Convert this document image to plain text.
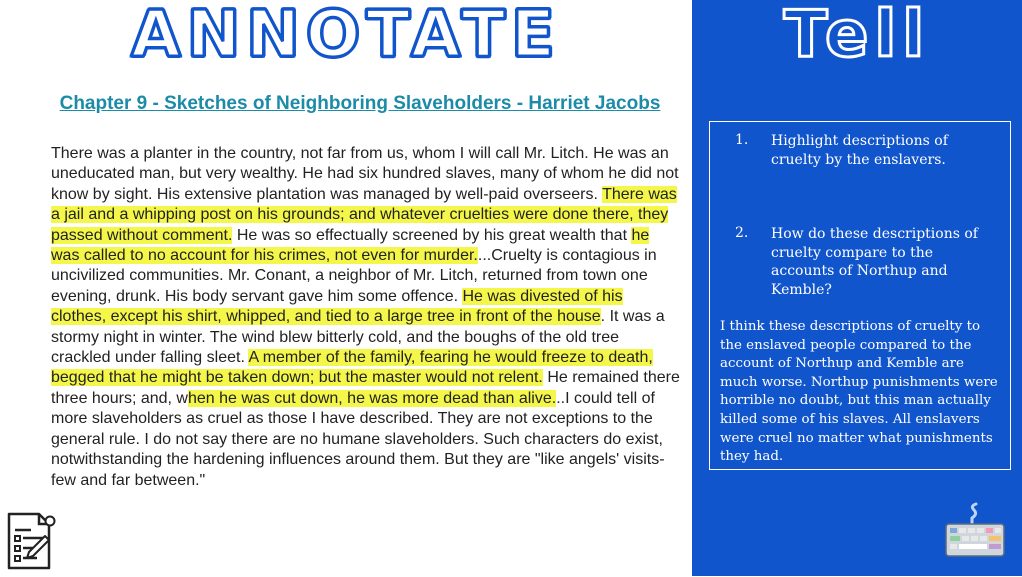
ANNOTATE	Tell
Chapter 9 - Sketches of Neighboring Slaveholders - Harriet Jacobs
There was a planter in the country, not far from us, whom I will call Mr. Litch. He was an uneducated man, but very wealthy. He had six hundred slaves, many of whom he did not know by sight. His extensive plantation was managed by well-paid overseers. There was a jail and a whipping post on his grounds; and whatever cruelties were done there, they passed without comment. He was so effectually screened by his great wealth that he was called to no account for his crimes, not even for murder....Cruelty is contagious in uncivilized communities. Mr. Conant, a neighbor of Mr. Litch, returned from town one evening, drunk. His body servant gave him some offence. He was divested of his clothes, except his shirt, whipped, and tied to a large tree in front of the house. It was a stormy night in winter. The wind blew bitterly cold, and the boughs of the old tree crackled under falling sleet. A member of the family, fearing he would freeze to death, begged that he might be taken down; but the master would not relent. He remained there three hours; and, when he was cut down, he was more dead than alive...I could tell of more slaveholders as cruel as those I have described. They are not exceptions to the general rule. I do not say there are no humane slaveholders. Such characters do exist, notwithstanding the hardening influences around them. But they are "like angels' visits-few and far between."
1. Highlight descriptions of cruelty by the enslavers.
2. How do these descriptions of cruelty compare to the accounts of Northup and Kemble?
I think these descriptions of cruelty to the enslaved people compared to the account of Northup and Kemble are much worse. Northup punishments were horrible no doubt, but this man actually killed some of his slaves. All enslavers were cruel no matter what punishments they had.
